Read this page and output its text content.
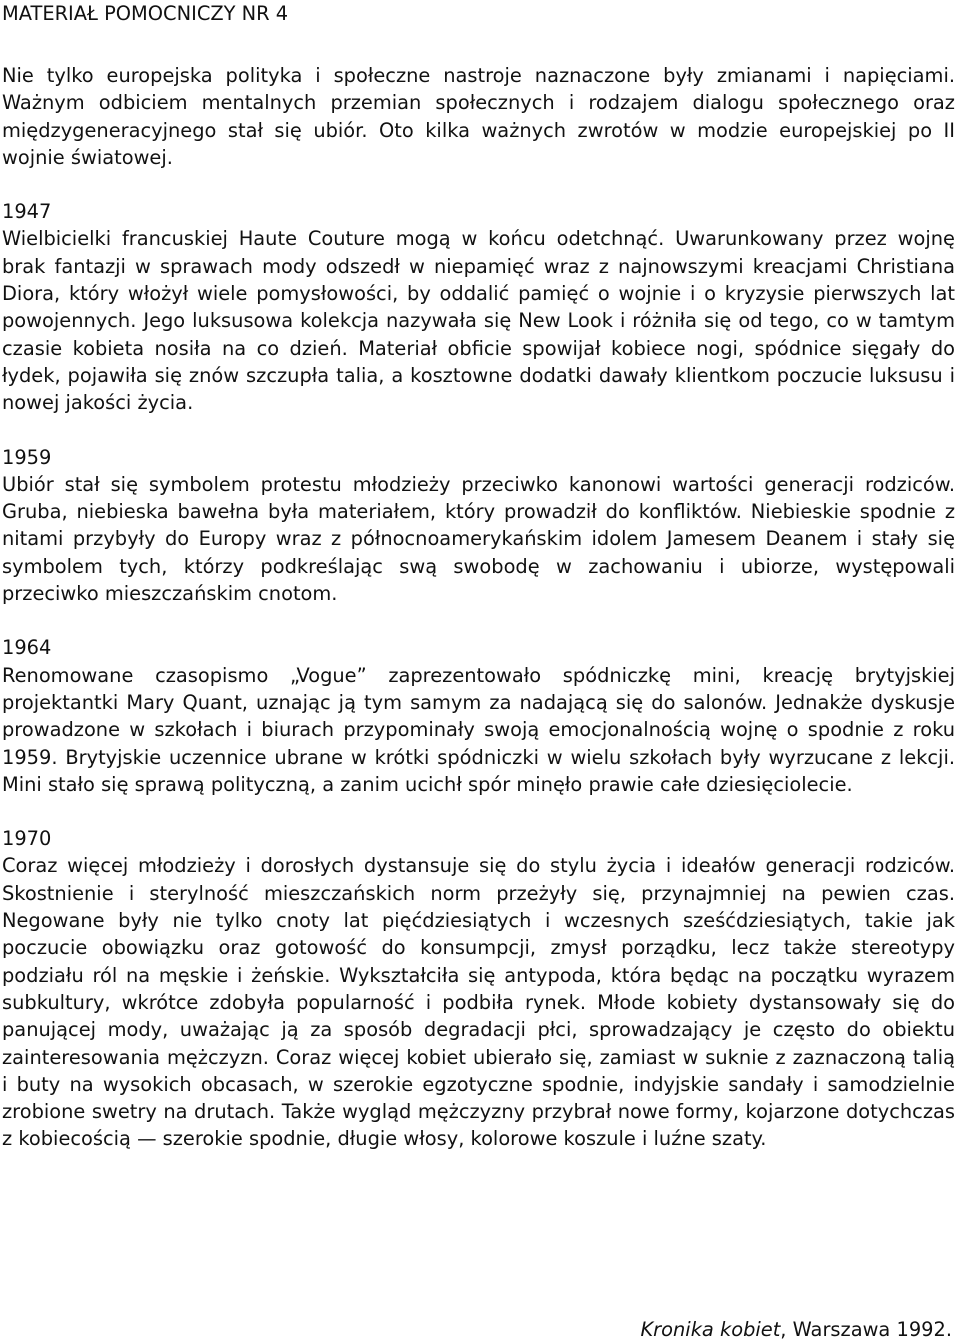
MATERIAŁ POMOCNICZY NR 4

Nie tylko europejska polityka i społeczne nastroje naznaczone były zmianami i napięciami. Ważnym odbiciem mentalnych przemian społecznych i rodzajem dialogu społecznego oraz międzygeneracyjnego stał się ubiór. Oto kilka ważnych zwrotów w modzie europejskiej po II wojnie światowej.

1947

Wielbicielki francuskiej Haute Couture mogą w końcu odetchnąć. Uwarunkowany przez wojnę brak fantazji w sprawach mody odszedł w niepamięć wraz z najnowszymi kreacjami Christiana Diora, który włożył wiele pomysłowości, by oddalić pamięć o wojnie i o kryzysie pierwszych lat powojennych. Jego luksusowa kolekcja nazywała się New Look i różniła się od tego, co w tamtym czasie kobieta nosiła na co dzień. Materiał obficie spowijał kobiece nogi, spódnice sięgały do łydek, pojawiła się znów szczupła talia, a kosztowne dodatki dawały klientkom poczucie luksusu i nowej jakości życia.

1959

Ubiór stał się symbolem protestu młodzieży przeciwko kanonowi wartości generacji rodziców. Gruba, niebieska bawełna była materiałem, który prowadził do konfliktów. Niebieskie spodnie z nitami przybyły do Europy wraz z północnoamerykańskim idolem Jamesem Deanem i stały się symbolem tych, którzy podkreślając swą swobodę w zachowaniu i ubiorze, występowali przeciwko mieszczańskim cnotom.

1964

Renomowane czasopismo „Vogue” zaprezentowało spódniczkę mini, kreację brytyjskiej projektantki Mary Quant, uznając ją tym samym za nadającą się do salonów. Jednakże dyskusje prowadzone w szkołach i biurach przypominały swoją emocjonalnością wojnę o spodnie z roku 1959. Brytyjskie uczennice ubrane w krótki spódniczki w wielu szkołach były wyrzucane z lekcji. Mini stało się sprawą polityczną, a zanim ucichł spór minęło prawie całe dziesięciolecie.

1970

Coraz więcej młodzieży i dorosłych dystansuje się do stylu życia i ideałów generacji rodziców. Skostnienie i sterylność mieszczańskich norm przeżyły się, przynajmniej na pewien czas. Negowane były nie tylko cnoty lat pięćdziesiątych i wczesnych sześćdziesiątych, takie jak poczucie obowiązku oraz gotowość do konsumpcji, zmysł porządku, lecz także stereotypy podziału ról na męskie i żeńskie. Wykształciła się antypoda, która będąc na początku wyrazem subkultury, wkrótce zdobyła popularność i podbiła rynek. Młode kobiety dystansowały się do panującej mody, uważając ją za sposób degradacji płci, sprowadzający je często do obiektu zainteresowania mężczyzn. Coraz więcej kobiet ubierało się, zamiast w suknie z zaznaczoną talią i buty na wysokich obcasach, w szerokie egzotyczne spodnie, indyjskie sandały i samodzielnie zrobione swetry na drutach. Także wygląd mężczyzny przybrał nowe formy, kojarzone dotychczas z kobiecością — szerokie spodnie, długie włosy, kolorowe koszule i luźne szaty.

Kronika kobiet, Warszawa 1992.
